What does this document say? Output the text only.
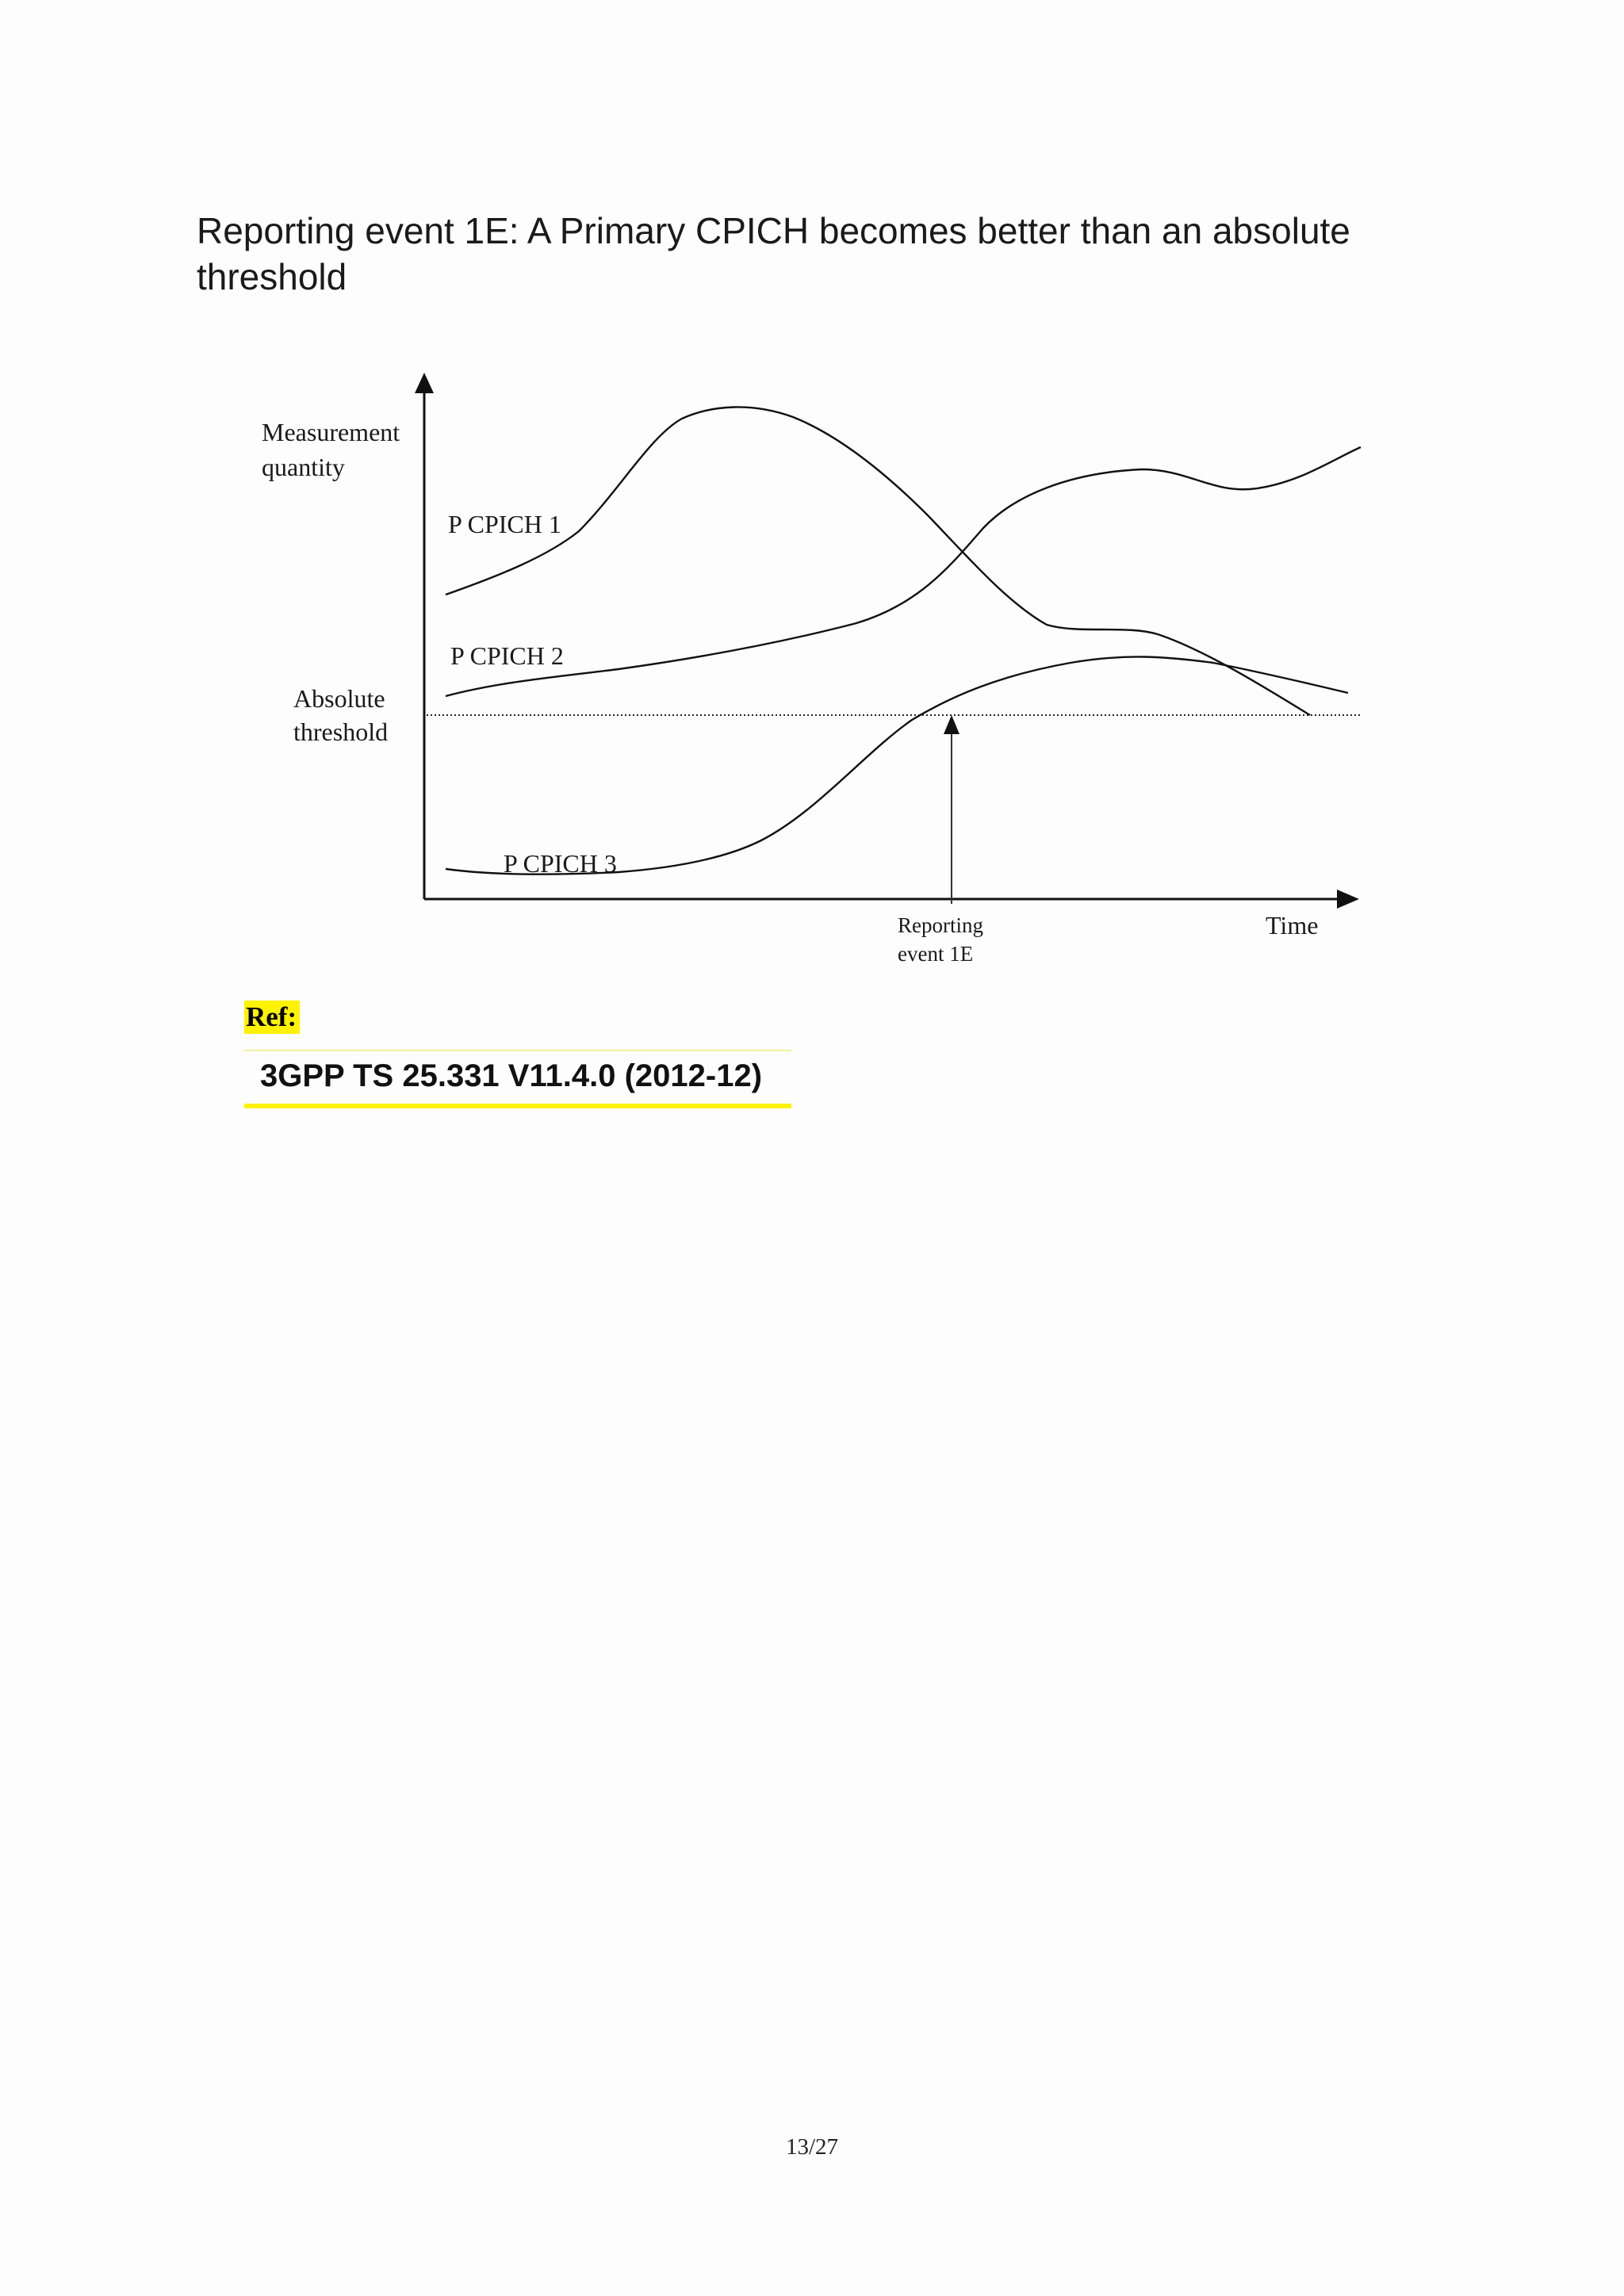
Reporting event 1E: A Primary CPICH becomes better than an absolute threshold
Measurement
quantity
Absolute
threshold
P CPICH 1
P CPICH 2
P CPICH 3
Reporting
event 1E
Time
Ref:
3GPP TS 25.331 V11.4.0 (2012-12)
13/27
